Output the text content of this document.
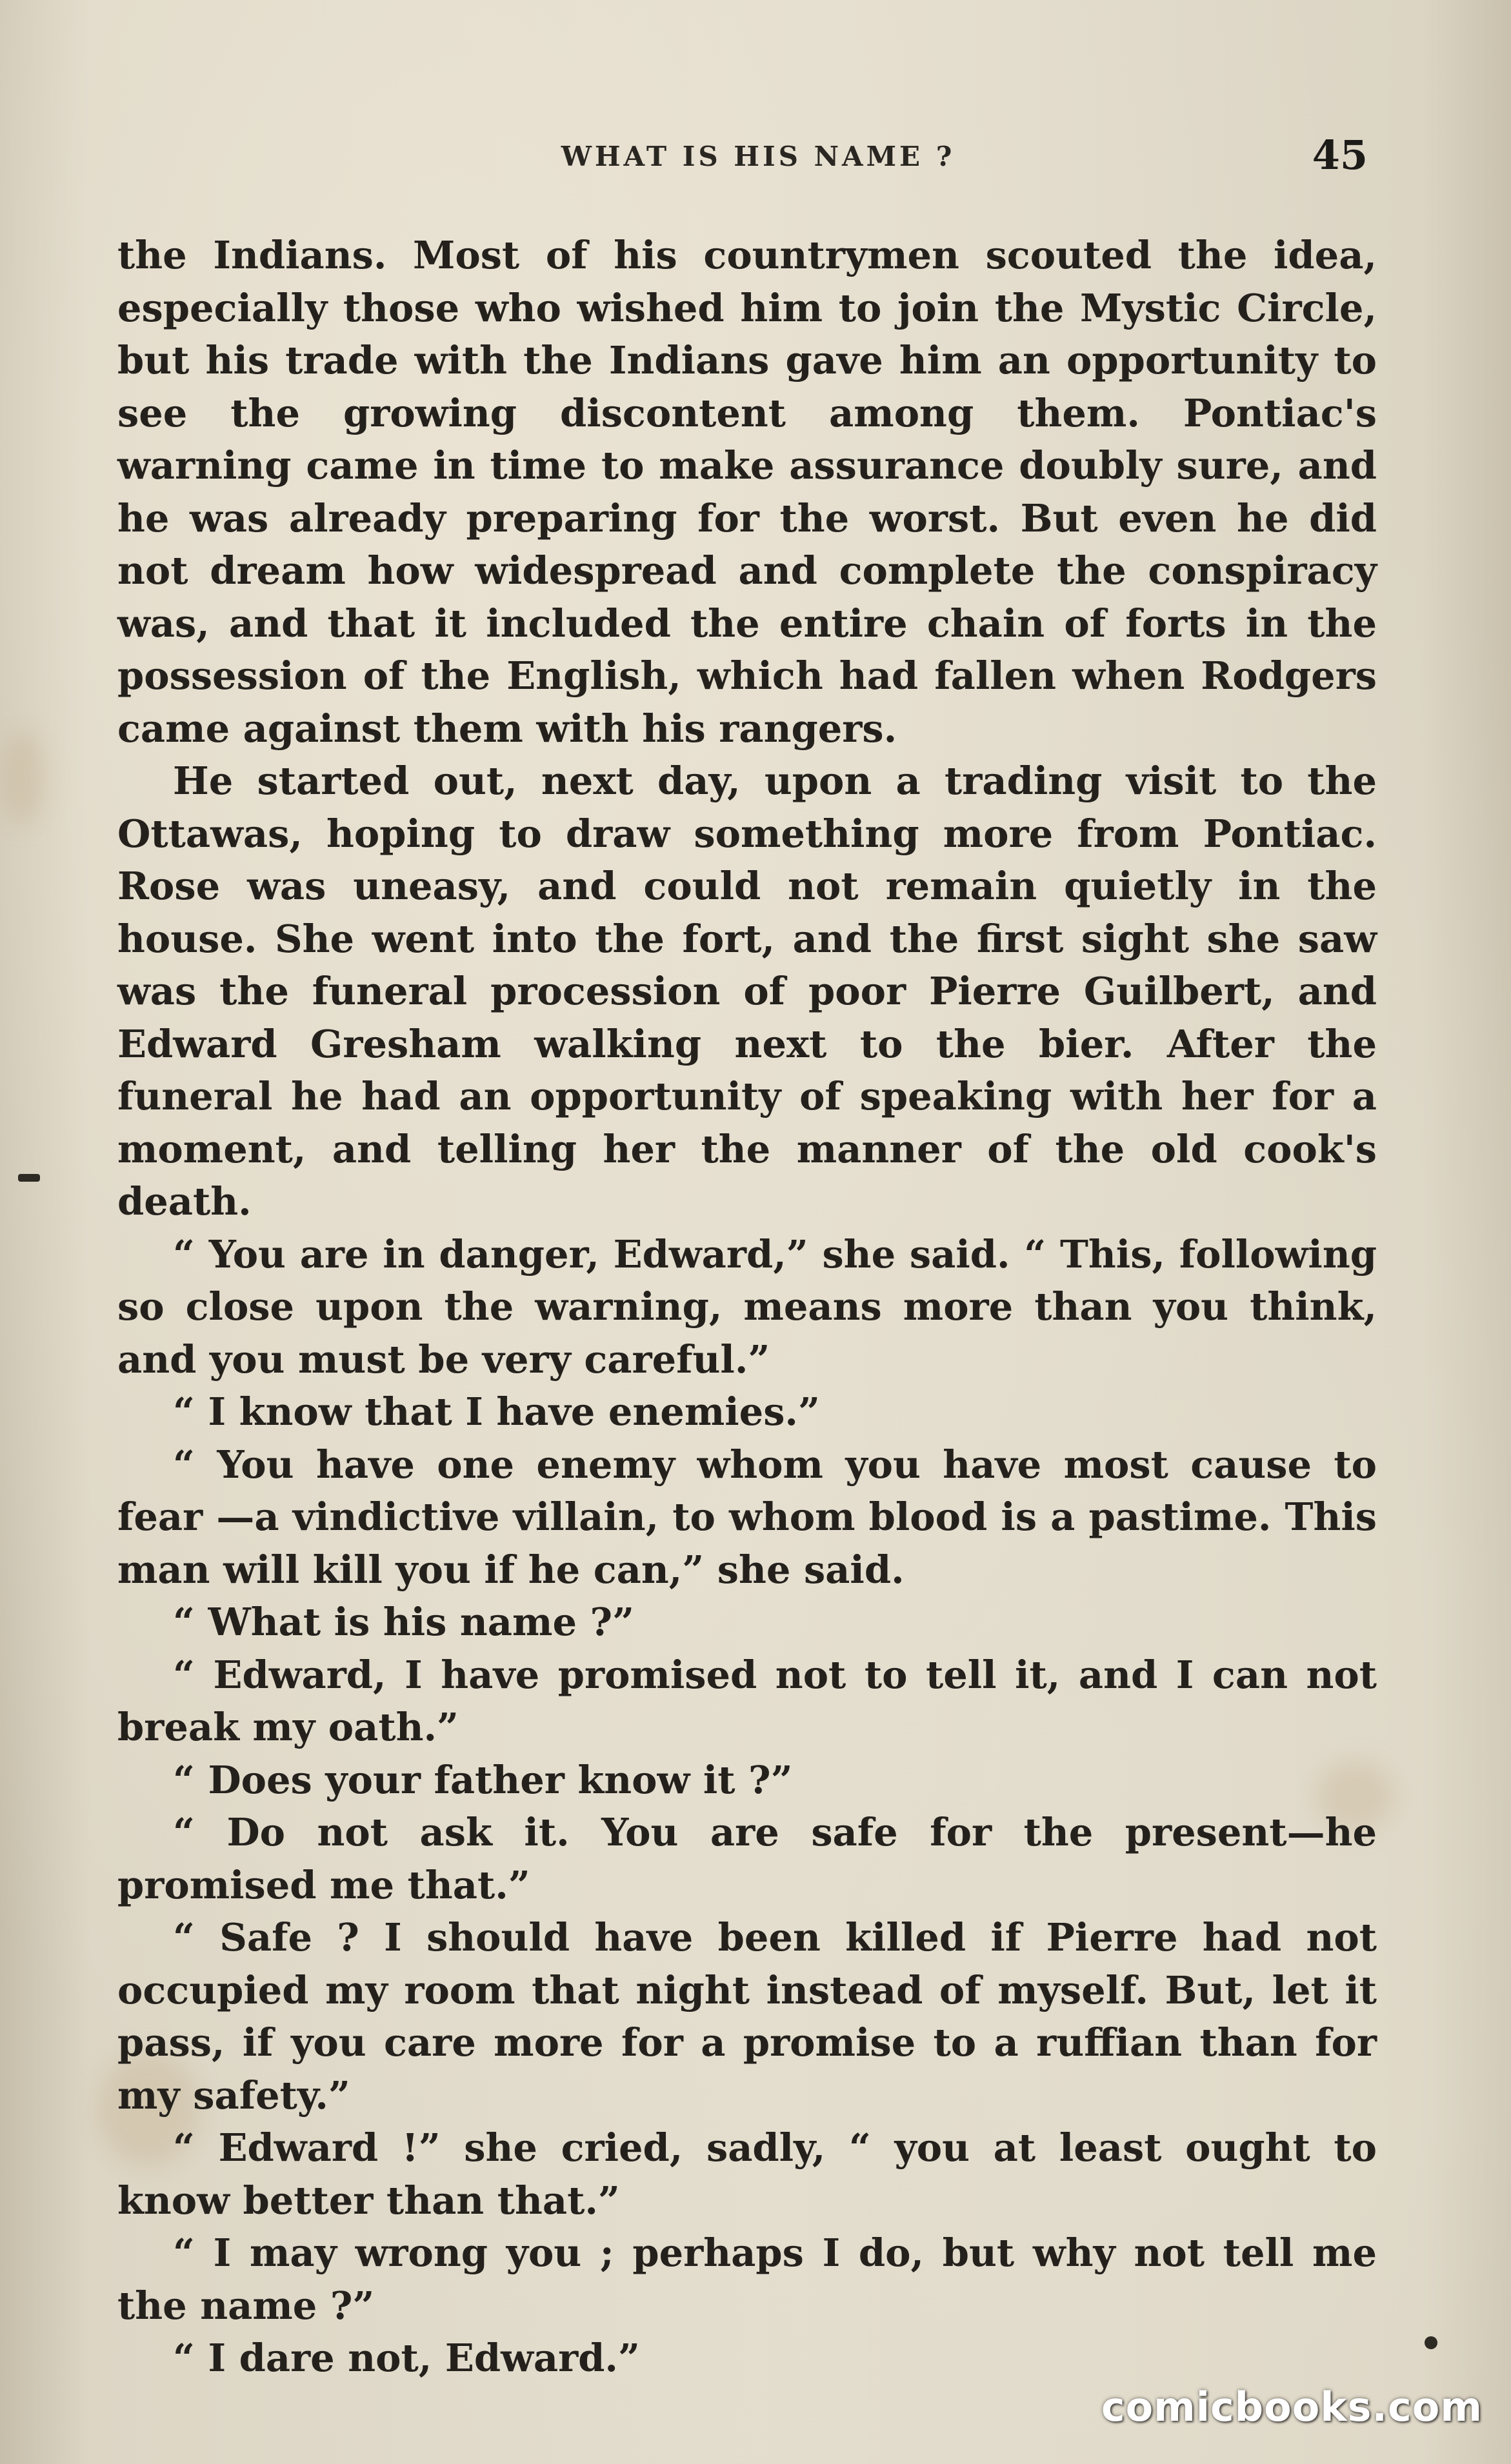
WHAT IS HIS NAME ?	45

the Indians. Most of his countrymen scouted the idea, especially those who wished him to join the Mystic Circle, but his trade with the Indians gave him an opportunity to see the growing discontent among them. Pontiac's warning came in time to make assurance doubly sure, and he was already preparing for the worst. But even he did not dream how widespread and complete the conspiracy was, and that it included the entire chain of forts in the possession of the English, which had fallen when Rodgers came against them with his rangers.

He started out, next day, upon a trading visit to the Ottawas, hoping to draw something more from Pontiac. Rose was uneasy, and could not remain quietly in the house. She went into the fort, and the first sight she saw was the funeral procession of poor Pierre Guilbert, and Edward Gresham walking next to the bier. After the funeral he had an opportunity of speaking with her for a moment, and telling her the manner of the old cook's death.

“ You are in danger, Edward,” she said. “ This, following so close upon the warning, means more than you think, and you must be very careful.”

“ I know that I have enemies.”

“ You have one enemy whom you have most cause to fear —a vindictive villain, to whom blood is a pastime. This man will kill you if he can,” she said.

“ What is his name ?”

“ Edward, I have promised not to tell it, and I can not break my oath.”

“ Does your father know it ?”

“ Do not ask it. You are safe for the present—he promised me that.”

“ Safe ? I should have been killed if Pierre had not occupied my room that night instead of myself. But, let it pass, if you care more for a promise to a ruffian than for my safety.”

“ Edward !” she cried, sadly, “ you at least ought to know better than that.”

“ I may wrong you ; perhaps I do, but why not tell me the name ?”

“ I dare not, Edward.”

comicbooks.com
